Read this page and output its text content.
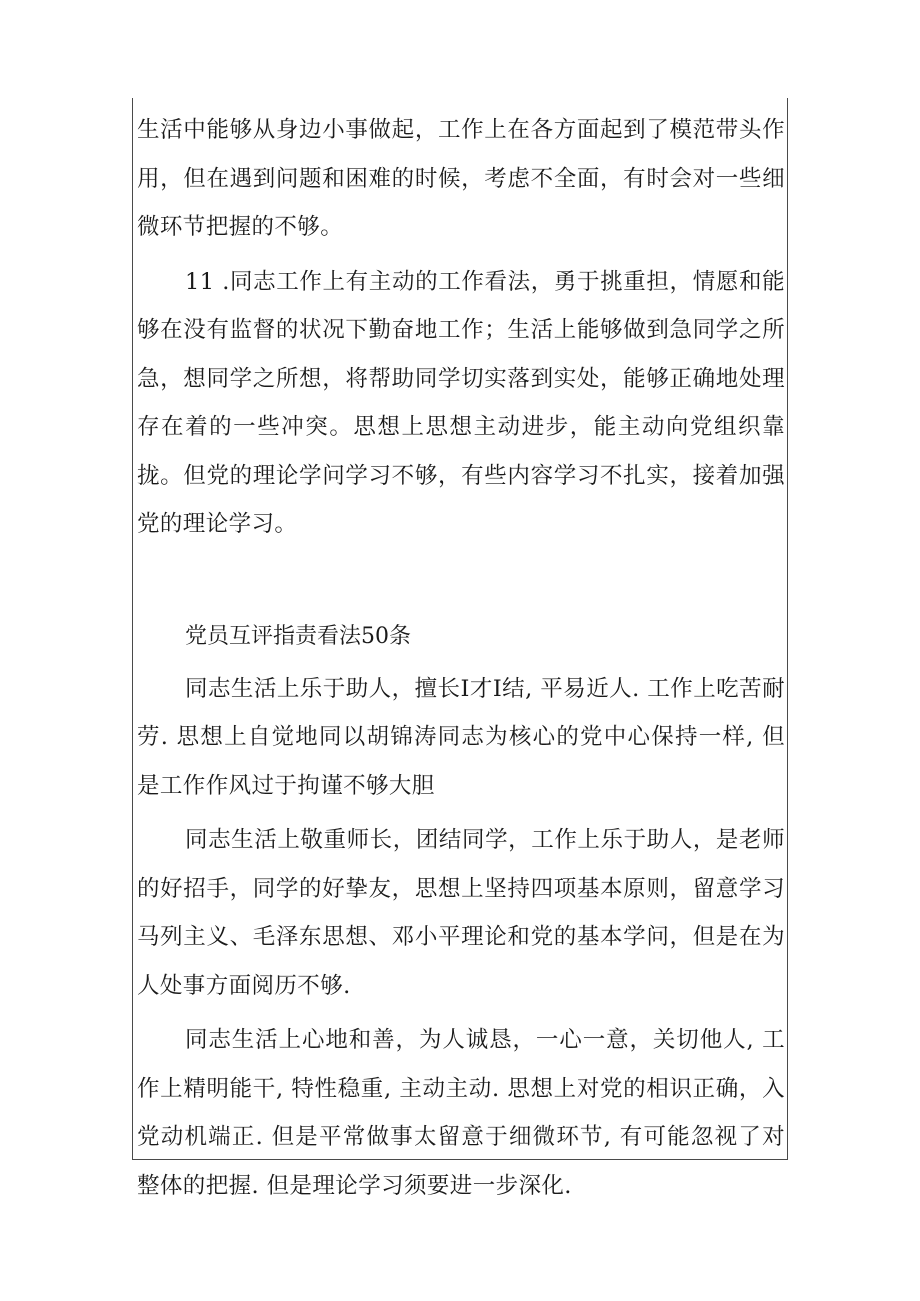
生活中能够从身边小事做起，工作上在各方面起到了模范带头作用，但在遇到问题和困难的时候，考虑不全面，有时会对一些细微环节把握的不够。

11 .同志工作上有主动的工作看法，勇于挑重担，情愿和能够在没有监督的状况下勤奋地工作；生活上能够做到急同学之所急，想同学之所想，将帮助同学切实落到实处，能够正确地处理存在着的一些冲突。思想上思想主动进步，能主动向党组织靠拢。但党的理论学问学习不够，有些内容学习不扎实，接着加强党的理论学习。

党员互评指责看法50条

同志生活上乐于助人，擅长I才I结, 平易近人. 工作上吃苦耐劳. 思想上自觉地同以胡锦涛同志为核心的党中心保持一样, 但是工作作风过于拘谨不够大胆

同志生活上敬重师长，团结同学，工作上乐于助人，是老师的好招手，同学的好挚友，思想上坚持四项基本原则，留意学习马列主义、毛泽东思想、邓小平理论和党的基本学问，但是在为人处事方面阅历不够.

同志生活上心地和善，为人诚恳，一心一意，关切他人, 工作上精明能干, 特性稳重, 主动主动. 思想上对党的相识正确，入党动机端正. 但是平常做事太留意于细微环节, 有可能忽视了对整体的把握. 但是理论学习须要进一步深化.
